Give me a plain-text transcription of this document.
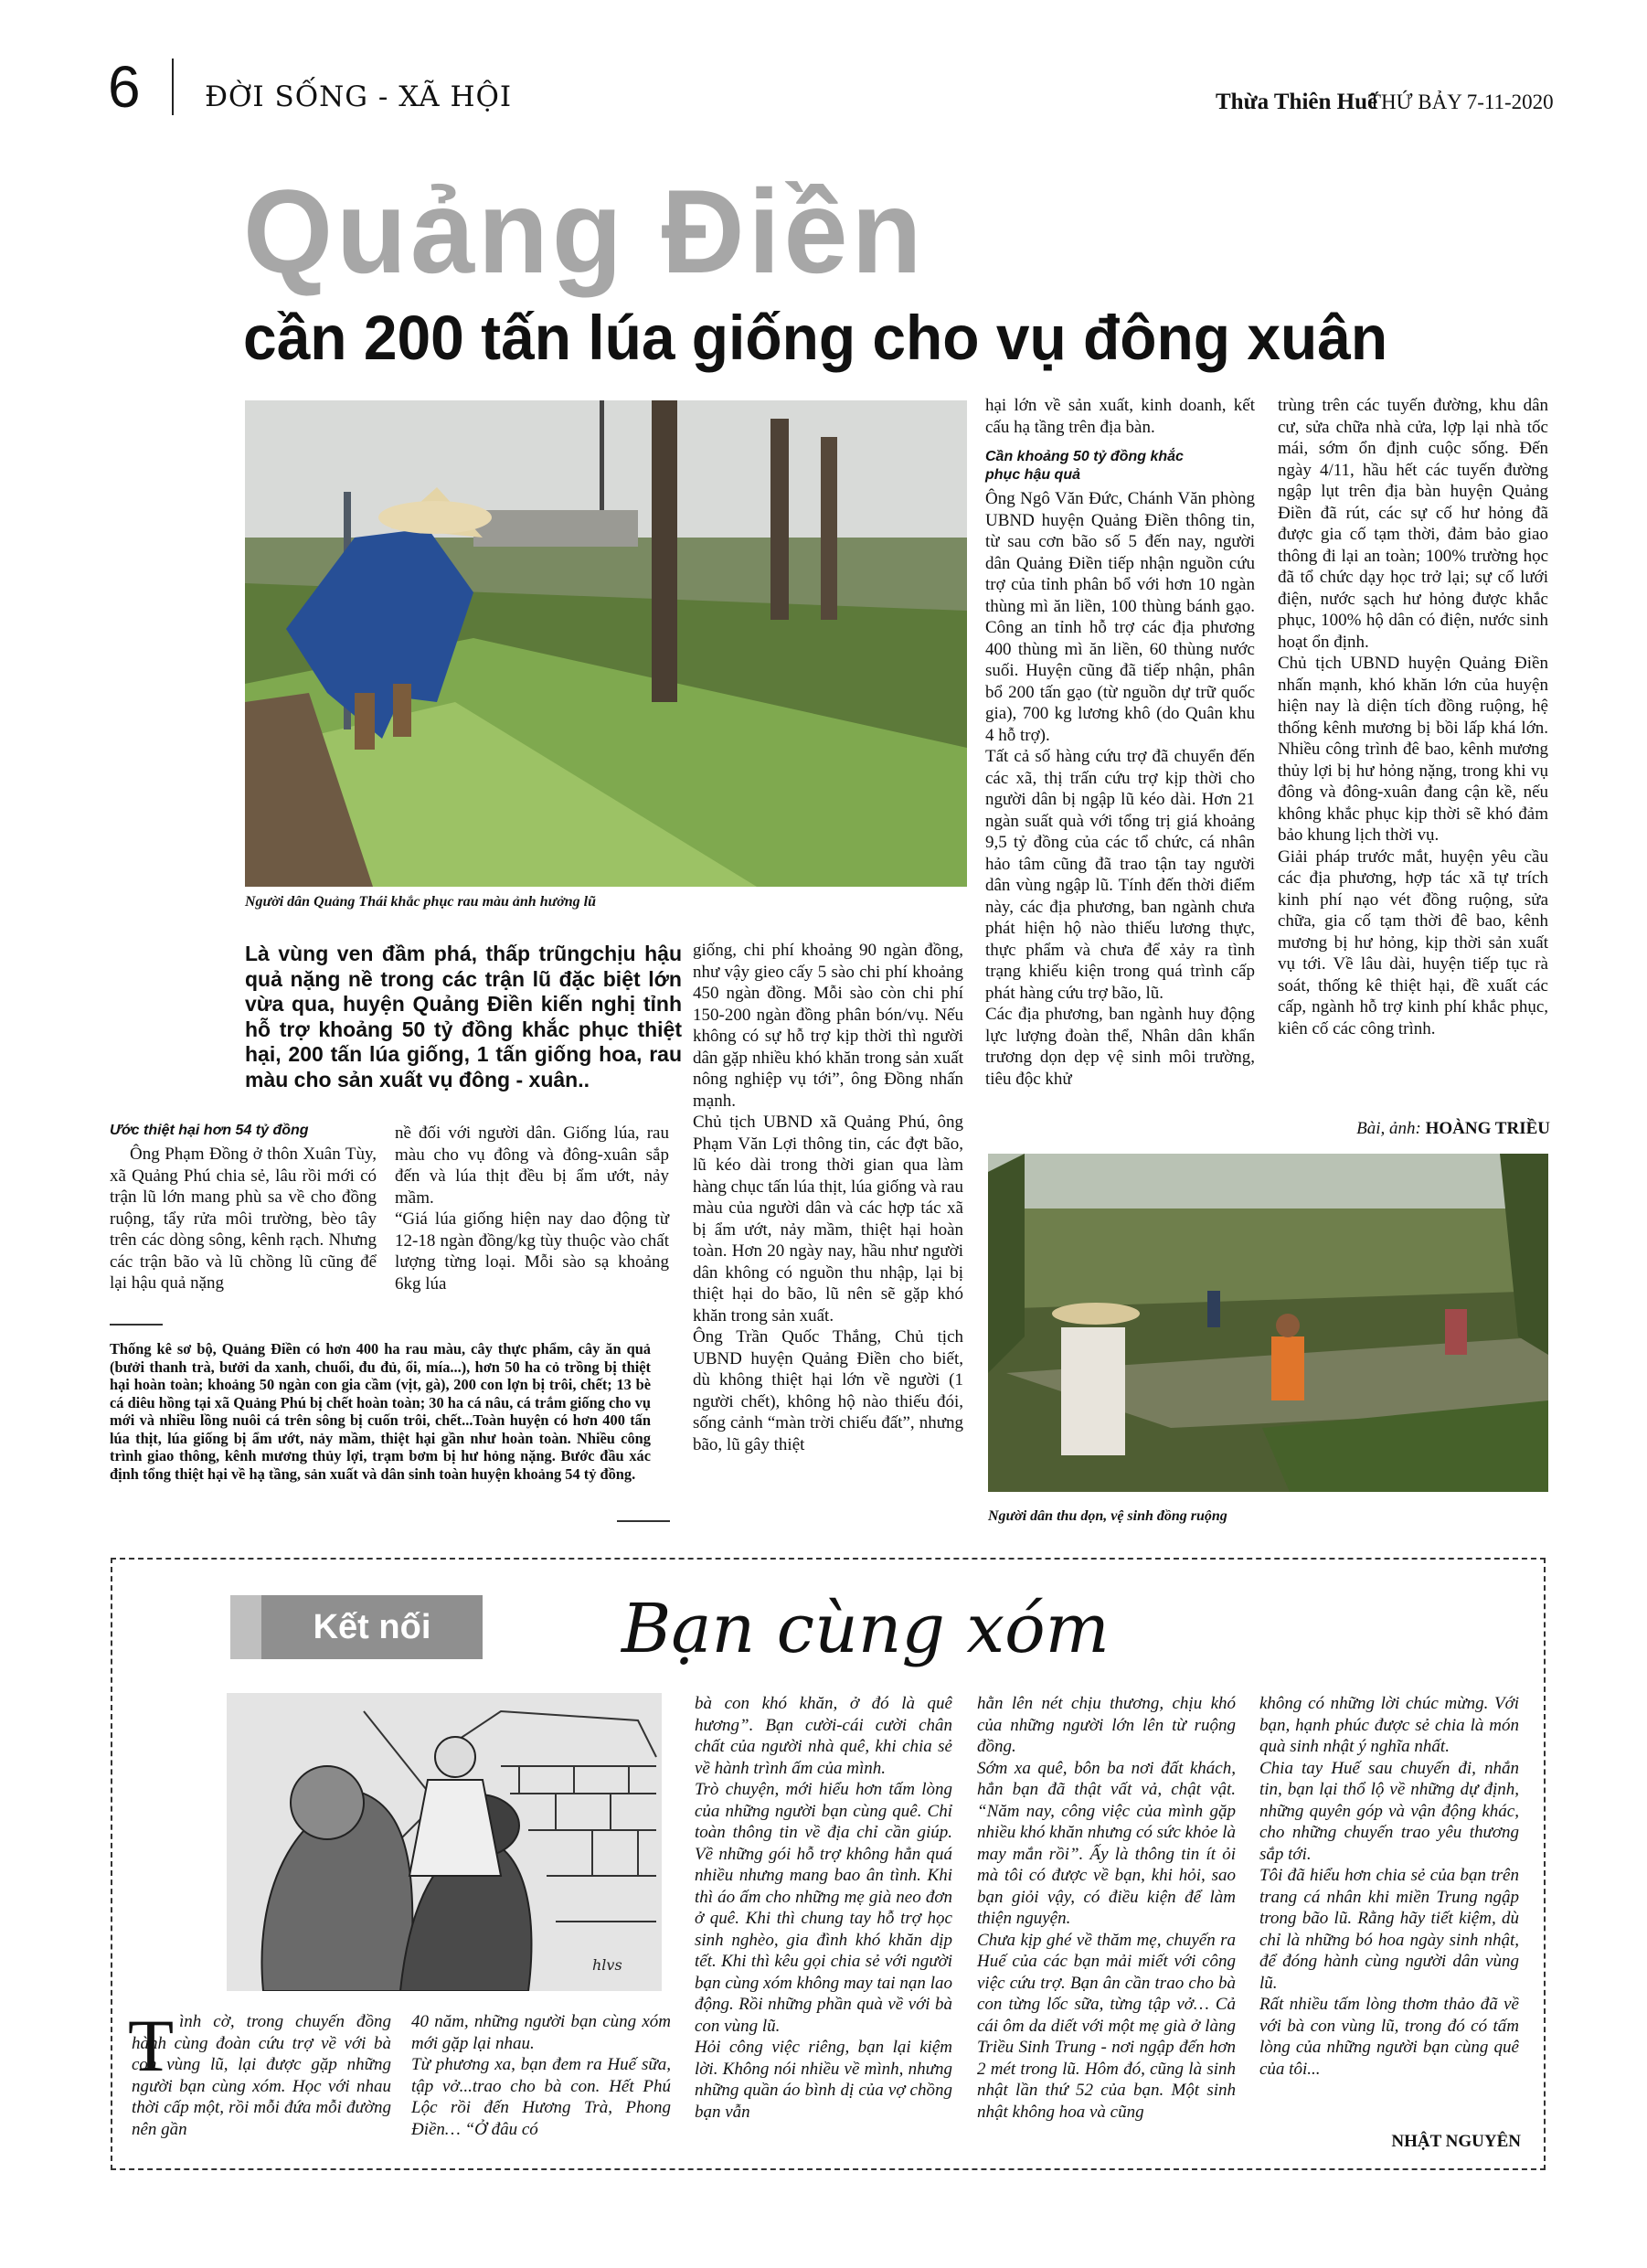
6 ĐỜI SỐNG - XÃ HỘI	Thừa Thiên Huế
THỨ BẢY 7-11-2020
Quảng Điền
cần 200 tấn lúa giống cho vụ đông xuân
Người dân Quảng Thái khắc phục rau màu ảnh hưởng lũ
Là vùng ven đầm phá, thấp trũngchịu hậu quả nặng nề trong các trận lũ đặc biệt lớn vừa qua, huyện Quảng Điền kiến nghị tỉnh hỗ trợ khoảng 50 tỷ đồng khắc phục thiệt hại, 200 tấn lúa giống, 1 tấn giống hoa, rau màu cho sản xuất vụ đông - xuân..
Ước thiệt hại hơn 54 tỷ đồng
Ông Phạm Đồng ở thôn Xuân Tùy, xã Quảng Phú chia sẻ, lâu rồi mới có trận lũ lớn mang phù sa về cho đồng ruộng, tẩy rửa môi trường, bèo tây trên các dòng sông, kênh rạch. Nhưng các trận bão và lũ chồng lũ cũng để lại hậu quả nặng
nề đối với người dân. Giống lúa, rau màu cho vụ đông và đông-xuân sắp đến và lúa thịt đều bị ẩm ướt, nảy mầm.
“Giá lúa giống hiện nay dao động từ 12-18 ngàn đồng/kg tùy thuộc vào chất lượng từng loại. Mỗi sào sạ khoảng 6kg lúa
Thống kê sơ bộ, Quảng Điền có hơn 400 ha rau màu, cây thực phẩm, cây ăn quả (bưởi thanh trà, bưởi da xanh, chuối, đu đủ, ổi, mía...), hơn 50 ha cỏ trồng bị thiệt hại hoàn toàn; khoảng 50 ngàn con gia cầm (vịt, gà), 200 con lợn bị trôi, chết; 13 bè cá diêu hồng tại xã Quảng Phú bị chết hoàn toàn; 30 ha cá nâu, cá trắm giống cho vụ mới và nhiều lồng nuôi cá trên sông bị cuốn trôi, chết...Toàn huyện có hơn 400 tấn lúa thịt, lúa giống bị ẩm ướt, nảy mầm, thiệt hại gần như hoàn toàn. Nhiều công trình giao thông, kênh mương thủy lợi, trạm bơm bị hư hỏng nặng. Bước đầu xác định tổng thiệt hại về hạ tầng, sản xuất và dân sinh toàn huyện khoảng 54 tỷ đồng.
giống, chi phí khoảng 90 ngàn đồng, như vậy gieo cấy 5 sào chi phí khoảng 450 ngàn đồng. Mỗi sào còn chi phí 150-200 ngàn đồng phân bón/vụ. Nếu không có sự hỗ trợ kịp thời thì người dân gặp nhiều khó khăn trong sản xuất nông nghiệp vụ tới”, ông Đồng nhấn mạnh.
Chủ tịch UBND xã Quảng Phú, ông Phạm Văn Lợi thông tin, các đợt bão, lũ kéo dài trong thời gian qua làm hàng chục tấn lúa thịt, lúa giống và rau màu của người dân và các hợp tác xã bị ẩm ướt, nảy mầm, thiệt hại hoàn toàn. Hơn 20 ngày nay, hầu như người dân không có nguồn thu nhập, lại bị thiệt hại do bão, lũ nên sẽ gặp khó khăn trong sản xuất.
Ông Trần Quốc Thắng, Chủ tịch UBND huyện Quảng Điền cho biết, dù không thiệt hại lớn về người (1 người chết), không hộ nào thiếu đói, sống cảnh “màn trời chiếu đất”, nhưng bão, lũ gây thiệt
hại lớn về sản xuất, kinh doanh, kết cấu hạ tầng trên địa bàn.
Cần khoảng 50 tỷ đồng khắc phục hậu quả
Ông Ngô Văn Đức, Chánh Văn phòng UBND huyện Quảng Điền thông tin, từ sau cơn bão số 5 đến nay, người dân Quảng Điền tiếp nhận nguồn cứu trợ của tỉnh phân bổ với hơn 10 ngàn thùng mì ăn liền, 100 thùng bánh gạo. Công an tỉnh hỗ trợ các địa phương 400 thùng mì ăn liền, 60 thùng nước suối. Huyện cũng đã tiếp nhận, phân bổ 200 tấn gạo (từ nguồn dự trữ quốc gia), 700 kg lương khô (do Quân khu 4 hỗ trợ).
Tất cả số hàng cứu trợ đã chuyển đến các xã, thị trấn cứu trợ kịp thời cho người dân bị ngập lũ kéo dài. Hơn 21 ngàn suất quà với tổng trị giá khoảng 9,5 tỷ đồng của các tổ chức, cá nhân hảo tâm cũng đã trao tận tay người dân vùng ngập lũ. Tính đến thời điểm này, các địa phương, ban ngành chưa phát hiện hộ nào thiếu lương thực, thực phẩm và chưa để xảy ra tình trạng khiếu kiện trong quá trình cấp phát hàng cứu trợ bão, lũ.
Các địa phương, ban ngành huy động lực lượng đoàn thể, Nhân dân khẩn trương dọn dẹp vệ sinh môi trường, tiêu độc khử
trùng trên các tuyến đường, khu dân cư, sửa chữa nhà cửa, lợp lại nhà tốc mái, sớm ổn định cuộc sống. Đến ngày 4/11, hầu hết các tuyến đường ngập lụt trên địa bàn huyện Quảng Điền đã rút, các sự cố hư hỏng đã được gia cố tạm thời, đảm bảo giao thông đi lại an toàn; 100% trường học đã tổ chức dạy học trở lại; sự cố lưới điện, nước sạch hư hỏng được khắc phục, 100% hộ dân có điện, nước sinh hoạt ổn định.
Chủ tịch UBND huyện Quảng Điền nhấn mạnh, khó khăn lớn của huyện hiện nay là diện tích đồng ruộng, hệ thống kênh mương bị bồi lấp khá lớn. Nhiều công trình đê bao, kênh mương thủy lợi bị hư hỏng nặng, trong khi vụ đông và đông-xuân đang cận kề, nếu không khắc phục kịp thời sẽ khó đảm bảo khung lịch thời vụ.
Giải pháp trước mắt, huyện yêu cầu các địa phương, hợp tác xã tự trích kinh phí nạo vét đồng ruộng, sửa chữa, gia cố tạm thời đê bao, kênh mương bị hư hỏng, kịp thời sản xuất vụ tới. Về lâu dài, huyện tiếp tục rà soát, thống kê thiệt hại, đề xuất các cấp, ngành hỗ trợ kinh phí khắc phục, kiên cố các công trình.
Bài, ảnh: HOÀNG TRIỀU
Người dân thu dọn, vệ sinh đồng ruộng
Kết nối	Bạn cùng xóm
hlvs
T ình cờ, trong chuyến đồng hành cùng đoàn cứu trợ về với bà con vùng lũ, lại được gặp những người bạn cùng xóm. Học với nhau thời cấp một, rồi mỗi đứa mỗi đường nên gần
40 năm, những người bạn cùng xóm mới gặp lại nhau.
Từ phương xa, bạn đem ra Huế sữa, tập vở...trao cho bà con. Hết Phú Lộc rồi đến Hương Trà, Phong Điền… “Ở đâu có
bà con khó khăn, ở đó là quê hương”. Bạn cười-cái cười chân chất của người nhà quê, khi chia sẻ về hành trình ấm của mình.
Trò chuyện, mới hiểu hơn tấm lòng của những người bạn cùng quê. Chỉ toàn thông tin về địa chỉ cần giúp. Về những gói hỗ trợ không hẳn quá nhiều nhưng mang bao ân tình. Khi thì áo ấm cho những mẹ già neo đơn ở quê. Khi thì chung tay hỗ trợ học sinh nghèo, gia đình khó khăn dịp tết. Khi thì kêu gọi chia sẻ với người bạn cùng xóm không may tai nạn lao động. Rồi những phần quà về với bà con vùng lũ.
Hỏi công việc riêng, bạn lại kiệm lời. Không nói nhiều về mình, nhưng những quần áo bình dị của vợ chồng bạn vẫn
hằn lên nét chịu thương, chịu khó của những người lớn lên từ ruộng đồng.
Sớm xa quê, bôn ba nơi đất khách, hẳn bạn đã thật vất vả, chật vật. “Năm nay, công việc của mình gặp nhiều khó khăn nhưng có sức khỏe là may mắn rồi”. Ấy là thông tin ít ỏi mà tôi có được về bạn, khi hỏi, sao bạn giỏi vậy, có điều kiện để làm thiện nguyện.
Chưa kịp ghé về thăm mẹ, chuyến ra Huế của các bạn mải miết với công việc cứu trợ. Bạn ân cần trao cho bà con từng lốc sữa, từng tập vở… Cả cái ôm da diết với một mẹ già ở làng Triều Sinh Trung - nơi ngập đến hơn 2 mét trong lũ. Hôm đó, cũng là sinh nhật lần thứ 52 của bạn. Một sinh nhật không hoa và cũng
không có những lời chúc mừng. Với bạn, hạnh phúc được sẻ chia là món quà sinh nhật ý nghĩa nhất.
Chia tay Huế sau chuyến đi, nhắn tin, bạn lại thổ lộ về những dự định, những quyên góp và vận động khác, cho những chuyến trao yêu thương sắp tới.
Tôi đã hiểu hơn chia sẻ của bạn trên trang cá nhân khi miền Trung ngập trong bão lũ. Rằng hãy tiết kiệm, dù chỉ là những bó hoa ngày sinh nhật, để đóng hành cùng người dân vùng lũ.
Rất nhiều tấm lòng thơm thảo đã về với bà con vùng lũ, trong đó có tấm lòng của những người bạn cùng quê của tôi...
NHẬT NGUYÊN
